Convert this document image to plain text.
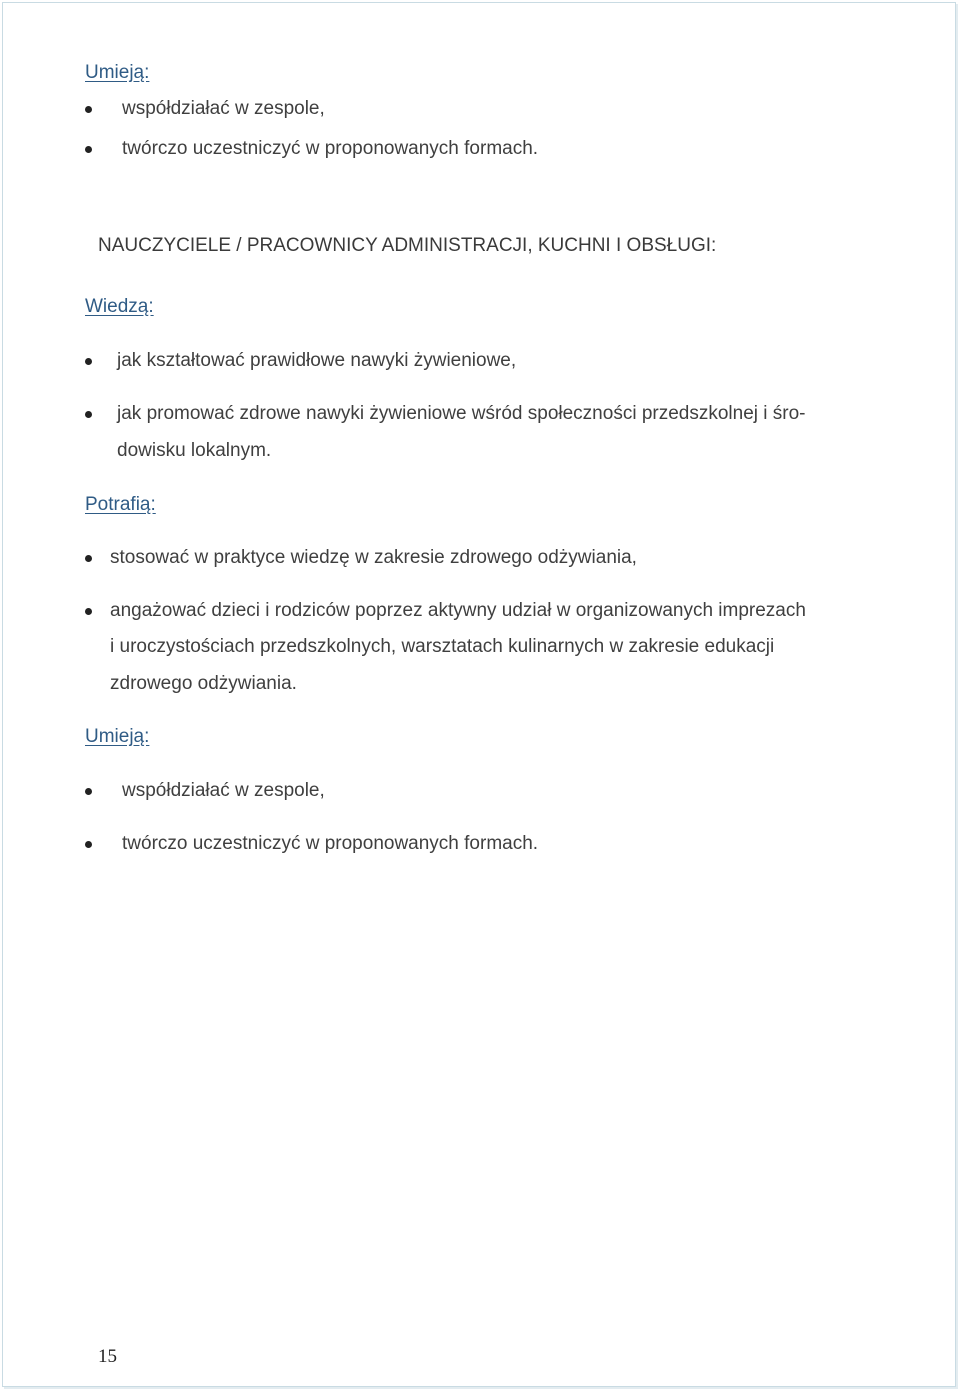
Umieją:
współdziałać w zespole,
twórczo uczestniczyć w proponowanych formach.
NAUCZYCIELE / PRACOWNICY ADMINISTRACJI, KUCHNI I OBSŁUGI:
Wiedzą:
jak kształtować prawidłowe nawyki żywieniowe,
jak promować zdrowe nawyki żywieniowe wśród społeczności przedszkolnej i śro-
dowisku lokalnym.
Potrafią:
stosować w praktyce wiedzę w zakresie zdrowego odżywiania,
angażować dzieci i rodziców poprzez aktywny udział w organizowanych imprezach
i uroczystościach przedszkolnych, warsztatach kulinarnych w zakresie edukacji
zdrowego odżywiania.
Umieją:
współdziałać w zespole,
twórczo uczestniczyć w proponowanych formach.
15
